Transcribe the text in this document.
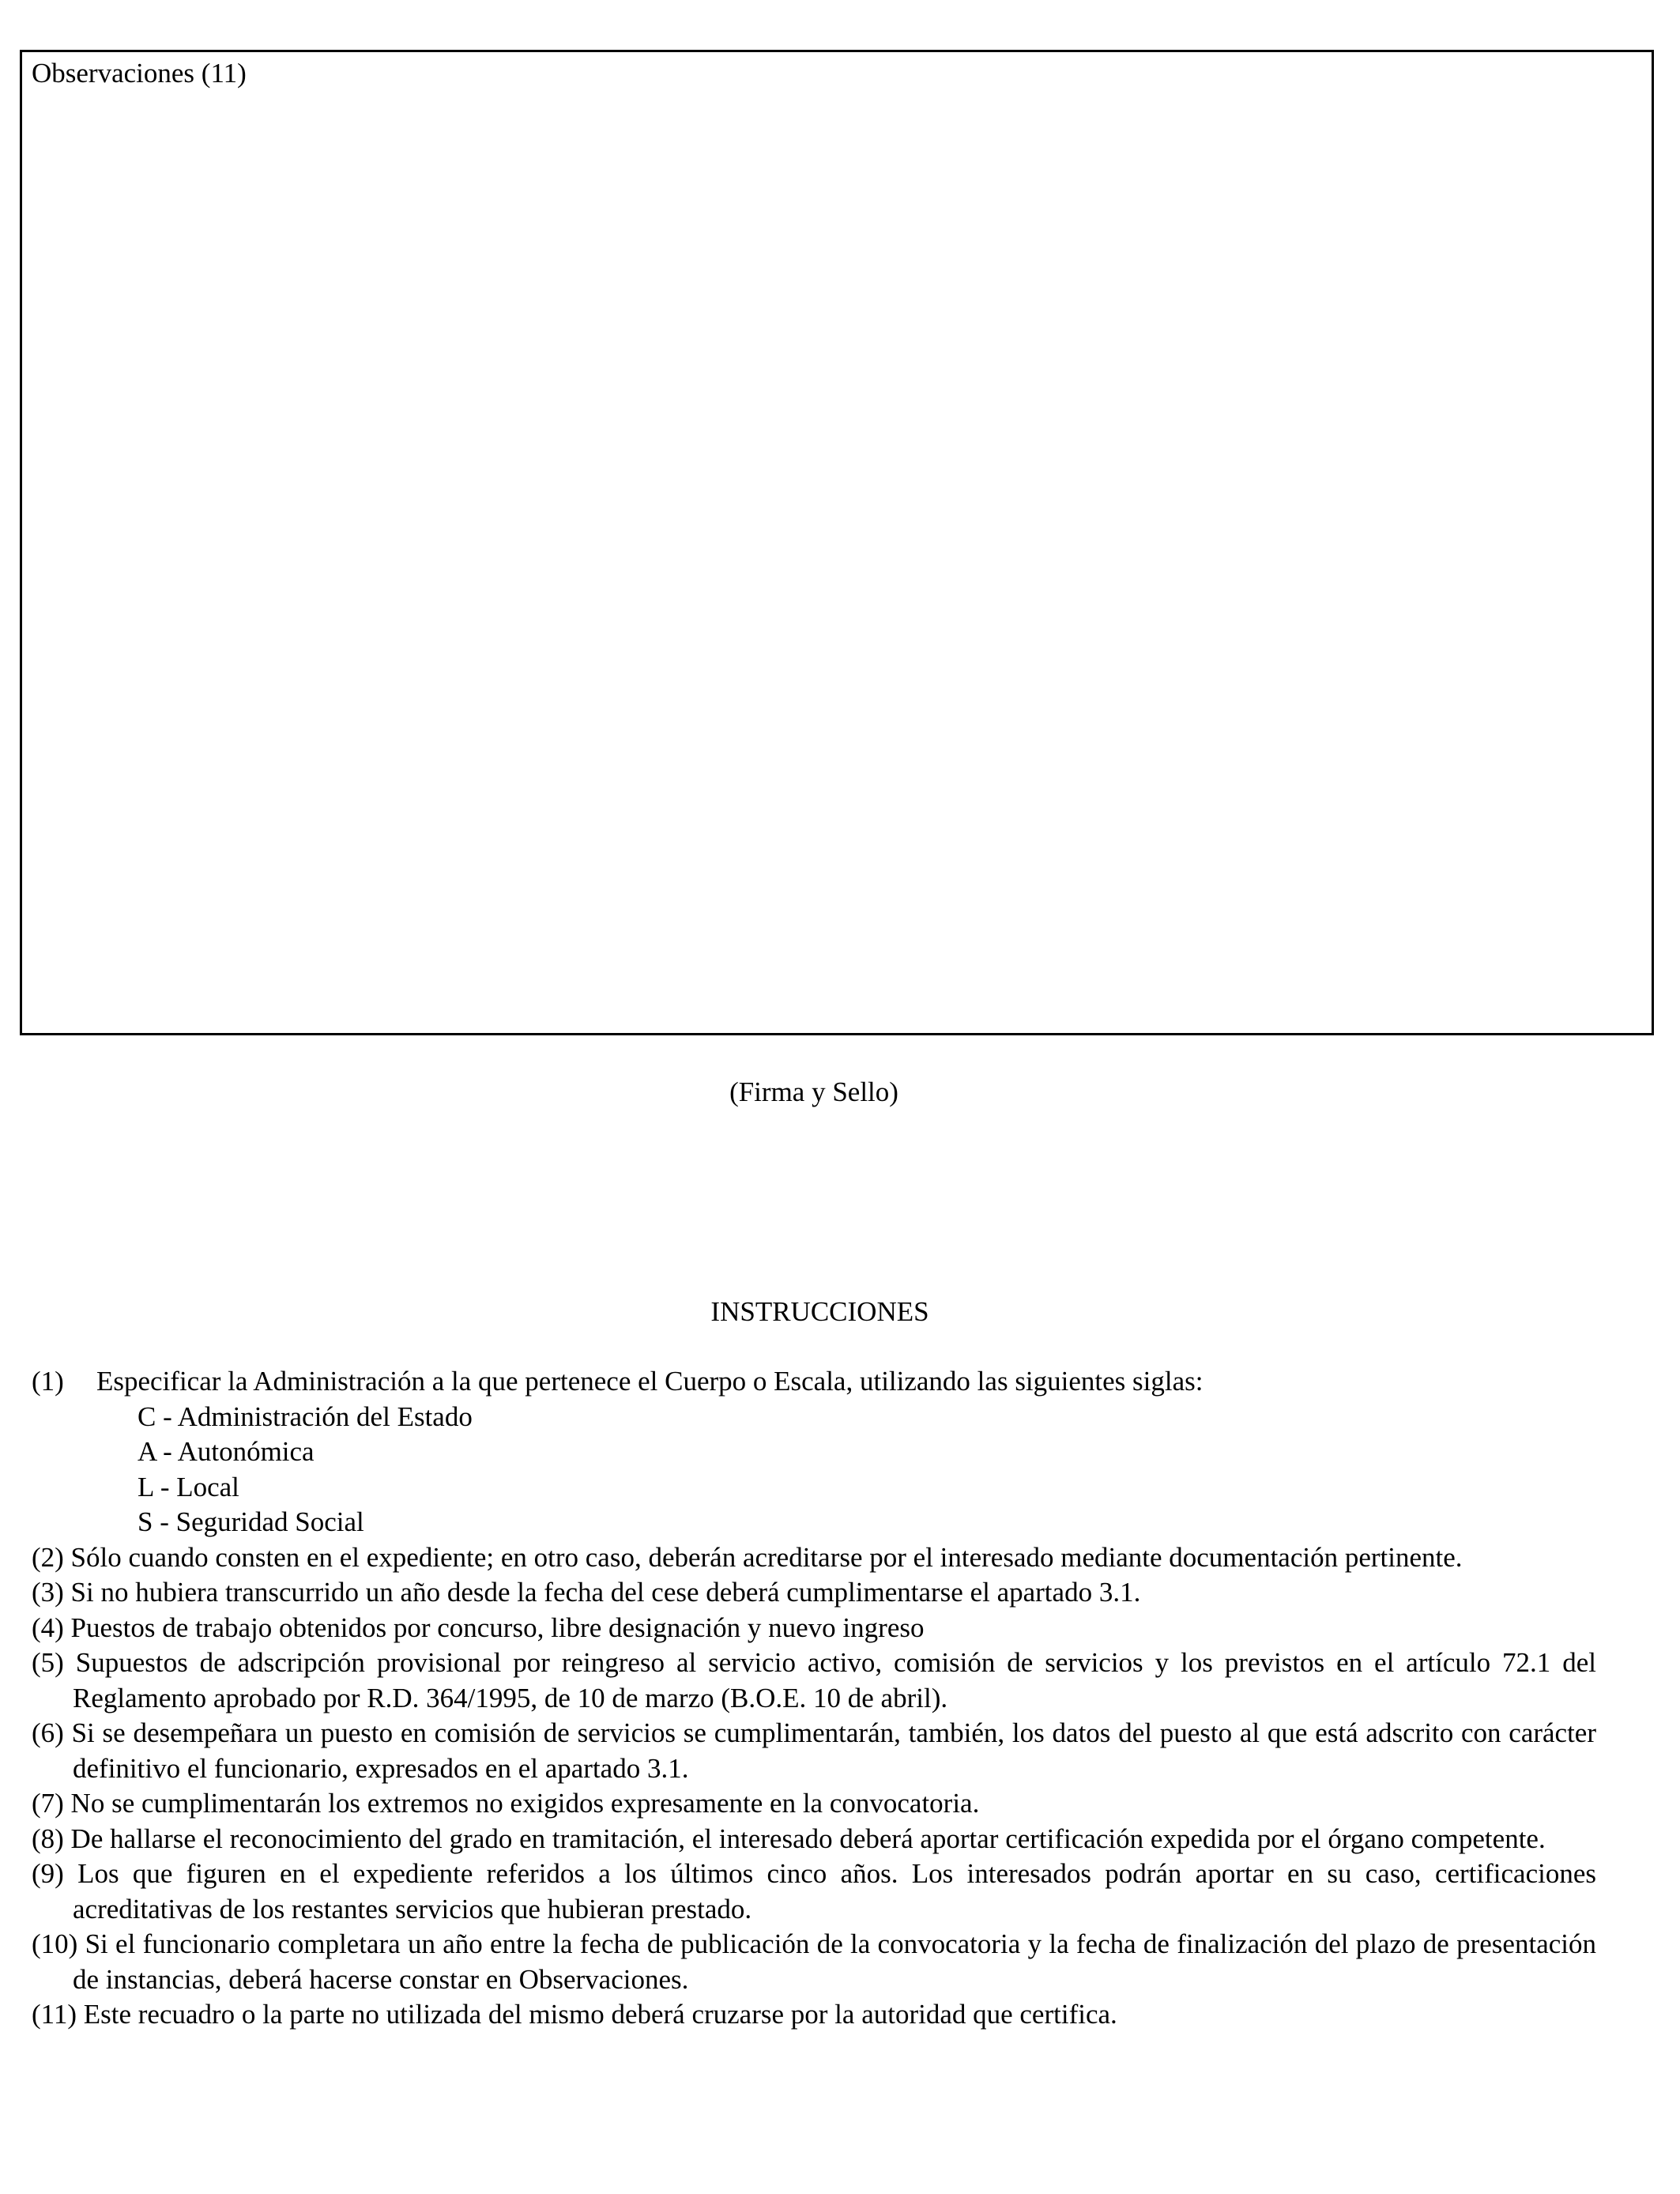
Observaciones (11)
(Firma y Sello)
INSTRUCCIONES
(1) Especificar la Administración a la que pertenece el Cuerpo o Escala, utilizando las siguientes siglas:
C - Administración del Estado
A - Autonómica
L - Local
S - Seguridad Social
(2) Sólo cuando consten en el expediente; en otro caso, deberán acreditarse por el interesado mediante documentación pertinente.
(3) Si no hubiera transcurrido un año desde la fecha del cese deberá cumplimentarse el apartado 3.1.
(4) Puestos de trabajo obtenidos por concurso, libre designación y nuevo ingreso
(5) Supuestos de adscripción provisional por reingreso al servicio activo, comisión de servicios y los previstos en el artículo 72.1 del Reglamento aprobado por R.D. 364/1995, de 10 de marzo (B.O.E. 10 de abril).
(6) Si se desempeñara un puesto en comisión de servicios se cumplimentarán, también, los datos del puesto al que está adscrito con carácter definitivo el funcionario, expresados en el apartado 3.1.
(7) No se cumplimentarán los extremos no exigidos expresamente en la convocatoria.
(8) De hallarse el reconocimiento del grado en tramitación, el interesado deberá aportar certificación expedida por el órgano competente.
(9) Los que figuren en el expediente referidos a los últimos cinco años. Los interesados podrán aportar en su caso, certificaciones acreditativas de los restantes servicios que hubieran prestado.
(10) Si el funcionario completara un año entre la fecha de publicación de la convocatoria y la fecha de finalización del plazo de presentación de instancias, deberá hacerse constar en Observaciones.
(11) Este recuadro o la parte no utilizada del mismo deberá cruzarse por la autoridad que certifica.
